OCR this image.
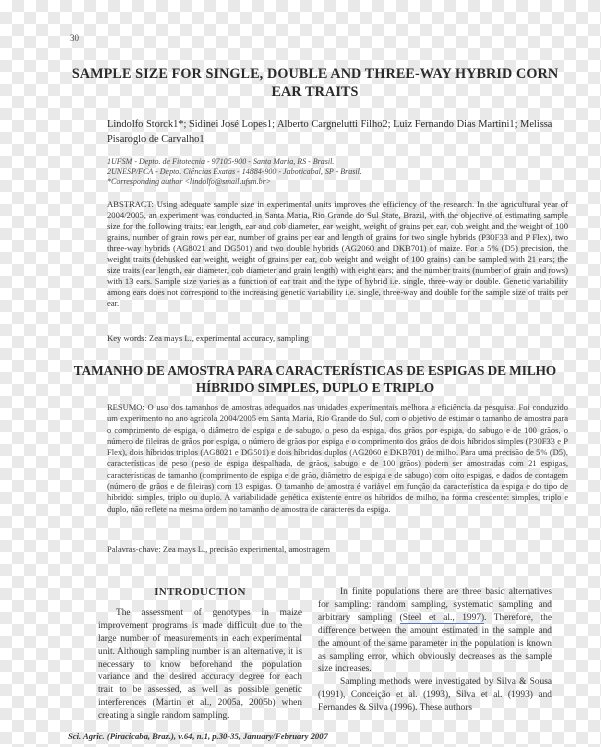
30
SAMPLE SIZE FOR SINGLE, DOUBLE AND THREE-WAY HYBRID CORN EAR TRAITS
Lindolfo Storck1*; Sidinei José Lopes1; Alberto Cargnelutti Filho2; Luiz Fernando Dias Martini1; Melissa Pisaroglo de Carvalho1
1UFSM - Depto. de Fitotecnia - 97105-900 - Santa Maria, RS - Brasil.
2UNESP/FCA - Depto. Ciências Exatas - 14884-900 - Jaboticabal, SP - Brasil.
*Corresponding author <lindolfo@smail.ufsm.br>
ABSTRACT: Using adequate sample size in experimental units improves the efficiency of the research. In the agricultural year of 2004/2005, an experiment was conducted in Santa Maria, Rio Grande do Sul State, Brazil, with the objective of estimating sample size for the following traits: ear length, ear and cob diameter, ear weight, weight of grains per ear, cob weight and the weight of 100 grains, number of grain rows per ear, number of grains per ear and length of grains for two single hybrids (P30F33 and P Flex), two three-way hybrids (AG8021 and DG501) and two double hybrids (AG2060 and DKB701) of maize. For a 5% (D5) precision, the weight traits (dehusked ear weight, weight of grains per ear, cob weight and weight of 100 grains) can be sampled with 21 ears; the size traits (ear length, ear diameter, cob diameter and grain length) with eight ears; and the number traits (number of grain and rows) with 13 ears. Sample size varies as a function of ear trait and the type of hybrid i.e. single, three-way or double. Genetic variability among ears does not correspond to the increasing genetic variability i.e. single, three-way and double for the sample size of traits per ear.
Key words: Zea mays L., experimental accuracy, sampling
TAMANHO DE AMOSTRA PARA CARACTERÍSTICAS DE ESPIGAS DE MILHO HÍBRIDO SIMPLES, DUPLO E TRIPLO
RESUMO: O uso dos tamanhos de amostras adequados nas unidades experimentais melhora a eficiência da pesquisa. Foi conduzido um experimento no ano agrícola 2004/2005 em Santa Maria, Rio Grande do Sul, com o objetivo de estimar o tamanho de amostra para o comprimento de espiga, o diâmetro de espiga e de sabugo, o peso da espiga, dos grãos por espiga, do sabugo e de 100 grãos, o número de fileiras de grãos por espiga, o número de grãos por espiga e o comprimento dos grãos de dois híbridos simples (P30F33 e P Flex), dois híbridos triplos (AG8021 e DG501) e dois híbridos duplos (AG2060 e DKB701) de milho. Para uma precisão de 5% (D5), características de peso (peso de espiga despalhada, de grãos, sabugo e de 100 grãos) podem ser amostradas com 21 espigas, características de tamanho (comprimento de espiga e de grão, diâmetro de espiga e de sabugo) com oito espigas, e dados de contagem (número de grãos e de fileiras) com 13 espigas. O tamanho de amostra é variável em função da característica da espiga e do tipo de híbrido: simples, triplo ou duplo. A variabilidade genética existente entre os híbridos de milho, na forma crescente: simples, triplo e duplo, não reflete na mesma ordem no tamanho de amostra de caracteres da espiga.
Palavras-chave: Zea mays L., precisão experimental, amostragem
INTRODUCTION

The assessment of genotypes in maize improvement programs is made difficult due to the large number of measurements in each experimental unit. Although sampling number is an alternative, it is necessary to know beforehand the population variance and the desired accuracy degree for each trait to be assessed, as well as possible genetic interferences (Martin et al., 2005a, 2005b) when creating a single random sampling.

In finite populations there are three basic alternatives for sampling: random sampling, systematic sampling and arbitrary sampling (Steel et al., 1997). Therefore, the difference between the amount estimated in the sample and the amount of the same parameter in the population is known as sampling error, which obviously decreases as the sample size increases.

Sampling methods were investigated by Silva & Sousa (1991), Conceição et al. (1993), Silva et al. (1993) and Fernandes & Silva (1996). These authors

Sci. Agric. (Piracicaba, Braz.), v.64, n.1, p.30-35, January/February 2007
